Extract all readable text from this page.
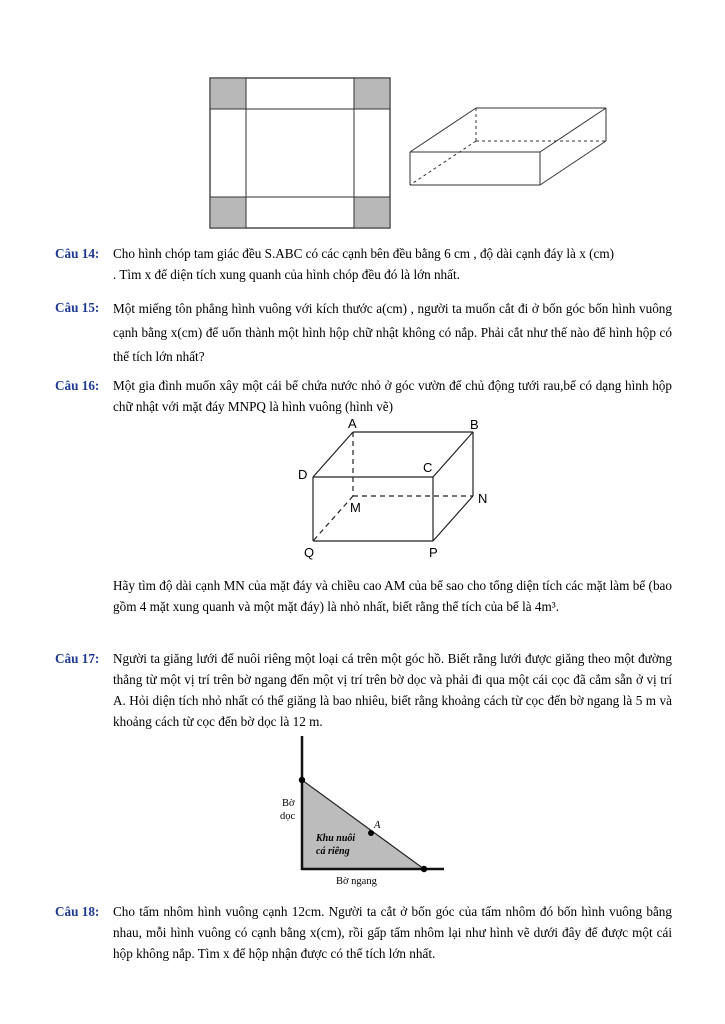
Câu 14: Cho hình chóp tam giác đều S.ABC có các cạnh bên đều bằng 6 cm , độ dài cạnh đáy là x (cm)

. Tìm x để diện tích xung quanh của hình chóp đều đó là lớn nhất.

Câu 15: Một miếng tôn phẳng hình vuông với kích thước a(cm) , người ta muốn cắt đi ở bốn góc bốn hình vuông cạnh bằng x(cm) để uốn thành một hình hộp chữ nhật không có nắp. Phải cắt như thế nào để hình hộp có thể tích lớn nhất?

Câu 16: Một gia đình muốn xây một cái bể chứa nước nhỏ ở góc vườn để chủ động tưới rau,bể có dạng hình hộp chữ nhật với mặt đáy MNPQ là hình vuông (hình vẽ)

A	B
C
D
M
N
P
Q

Hãy tìm độ dài cạnh MN của mặt đáy và chiều cao AM của bể sao cho tổng diện tích các mặt làm bể (bao gồm 4 mặt xung quanh và một mặt đáy) là nhỏ nhất, biết rằng thể tích của bể là 4m³.

Câu 17: Người ta giăng lưới để nuôi riêng một loại cá trên một góc hồ. Biết rằng lưới được giăng theo một đường thẳng từ một vị trí trên bờ ngang đến một vị trí trên bờ dọc và phải đi qua một cái cọc đã cắm sẵn ở vị trí A. Hỏi diện tích nhỏ nhất có thể giăng là bao nhiêu, biết rằng khoảng cách từ cọc đến bờ ngang là 5 m và khoảng cách từ cọc đến bờ dọc là 12 m.

Bờ
dọc
Khu nuôi
cá riêng
A
Bờ ngang
Câu 18: Cho tấm nhôm hình vuông cạnh 12cm. Người ta cắt ở bốn góc của tấm nhôm đó bốn hình vuông bằng nhau, mỗi hình vuông có cạnh bằng x(cm), rồi gấp tấm nhôm lại như hình vẽ dưới đây để được một cái hộp không nắp. Tìm x để hộp nhận được có thể tích lớn nhất.
